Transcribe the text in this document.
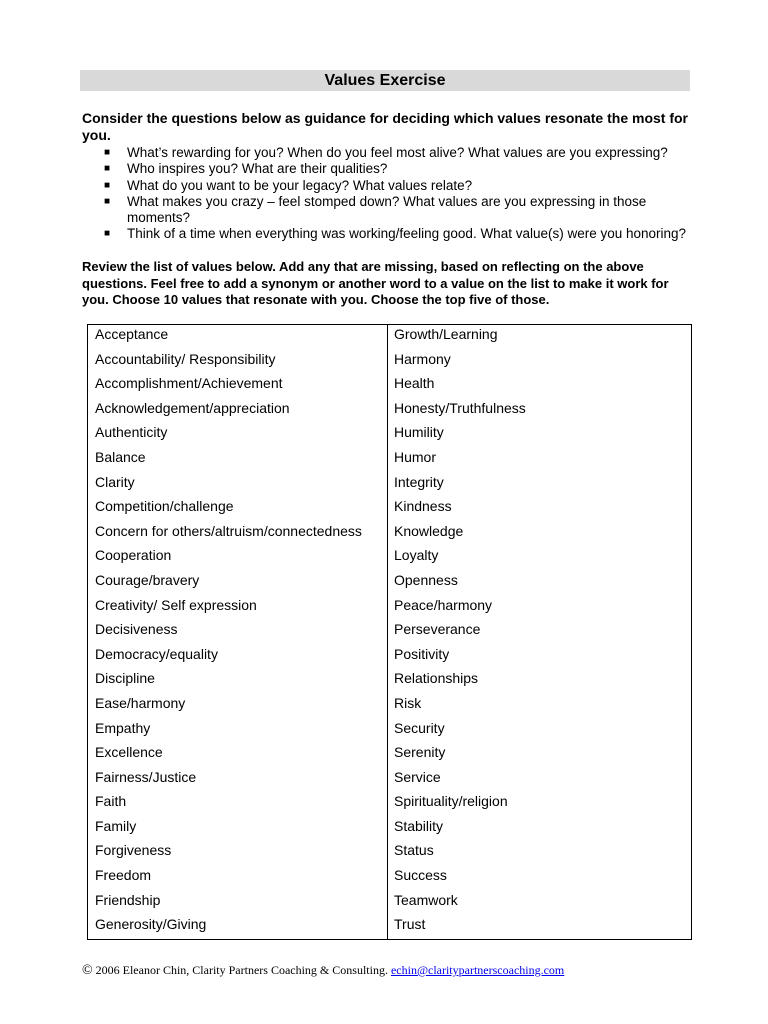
Values Exercise
Consider the questions below as guidance for deciding which values resonate the most for you.
■ What’s rewarding for you? When do you feel most alive? What values are you expressing?
■ Who inspires you? What are their qualities?
■ What do you want to be your legacy? What values relate?
■ What makes you crazy – feel stomped down? What values are you expressing in those moments?
■ Think of a time when everything was working/feeling good. What value(s) were you honoring?
Review the list of values below. Add any that are missing, based on reflecting on the above questions. Feel free to add a synonym or another word to a value on the list to make it work for you. Choose 10 values that resonate with you. Choose the top five of those.
Acceptance
Accountability/ Responsibility
Accomplishment/Achievement
Acknowledgement/appreciation
Authenticity
Balance
Clarity
Competition/challenge
Concern for others/altruism/connectedness
Cooperation
Courage/bravery
Creativity/ Self expression
Decisiveness
Democracy/equality
Discipline
Ease/harmony
Empathy
Excellence
Fairness/Justice
Faith
Family
Forgiveness
Freedom
Friendship
Generosity/Giving
Growth/Learning
Harmony
Health
Honesty/Truthfulness
Humility
Humor
Integrity
Kindness
Knowledge
Loyalty
Openness
Peace/harmony
Perseverance
Positivity
Relationships
Risk
Security
Serenity
Service
Spirituality/religion
Stability
Status
Success
Teamwork
Trust
© 2006 Eleanor Chin, Clarity Partners Coaching & Consulting. echin@claritypartnerscoaching.com
